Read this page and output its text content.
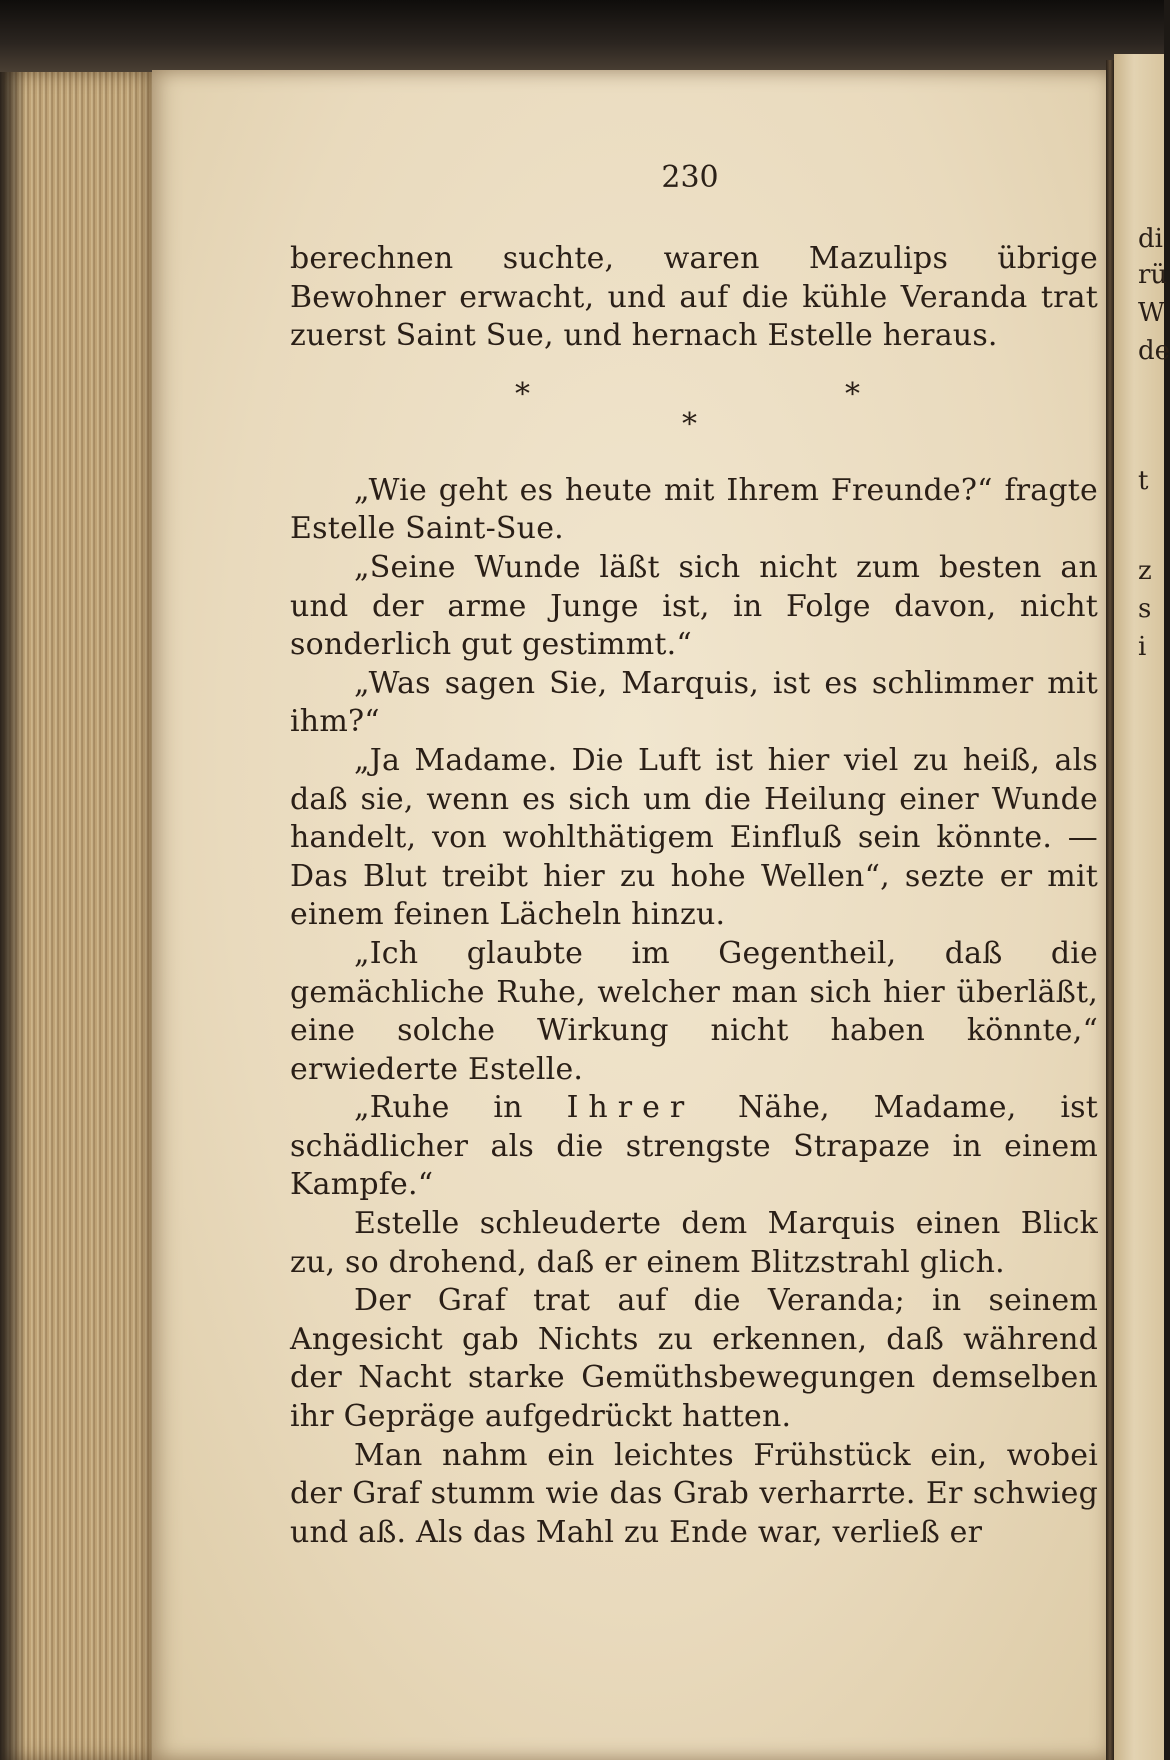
di
rü
W
de
t
z
s
i
230

berechnen suchte, waren Mazulips übrige Bewohner erwacht, und auf die kühle Veranda trat zuerst Saint Sue, und hernach Estelle heraus.

*	*
*

„Wie geht es heute mit Ihrem Freunde?“ fragte Estelle Saint-Sue.

„Seine Wunde läßt sich nicht zum besten an und der arme Junge ist, in Folge davon, nicht sonderlich gut gestimmt.“

„Was sagen Sie, Marquis, ist es schlimmer mit ihm?“

„Ja Madame. Die Luft ist hier viel zu heiß, als daß sie, wenn es sich um die Heilung einer Wunde handelt, von wohlthätigem Einfluß sein könnte. — Das Blut treibt hier zu hohe Wellen“, sezte er mit einem feinen Lächeln hinzu.

„Ich glaubte im Gegentheil, daß die gemächliche Ruhe, welcher man sich hier überläßt, eine solche Wirkung nicht haben könnte,“ erwiederte Estelle.

„Ruhe in Ihrer Nähe, Madame, ist schädlicher als die strengste Strapaze in einem Kampfe.“

Estelle schleuderte dem Marquis einen Blick zu, so drohend, daß er einem Blitzstrahl glich.

Der Graf trat auf die Veranda; in seinem Angesicht gab Nichts zu erkennen, daß während der Nacht starke Gemüthsbewegungen demselben ihr Gepräge aufgedrückt hatten.

Man nahm ein leichtes Frühstück ein, wobei der Graf stumm wie das Grab verharrte. Er schwieg und aß. Als das Mahl zu Ende war, verließ er
